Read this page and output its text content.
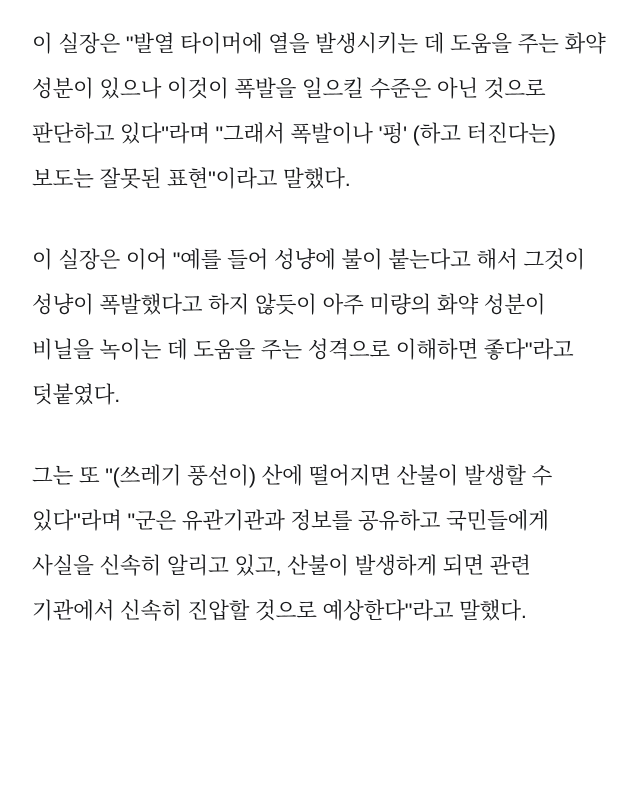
이 실장은 "발열 타이머에 열을 발생시키는 데 도움을 주는 화약 성분이 있으나 이것이 폭발을 일으킬 수준은 아닌 것으로 판단하고 있다"라며 "그래서 폭발이나 '펑' (하고 터진다는) 보도는 잘못된 표현"이라고 말했다.

이 실장은 이어 "예를 들어 성냥에 불이 붙는다고 해서 그것이 성냥이 폭발했다고 하지 않듯이 아주 미량의 화약 성분이 비닐을 녹이는 데 도움을 주는 성격으로 이해하면 좋다"라고 덧붙였다.

그는 또 "(쓰레기 풍선이) 산에 떨어지면 산불이 발생할 수 있다"라며 "군은 유관기관과 정보를 공유하고 국민들에게 사실을 신속히 알리고 있고, 산불이 발생하게 되면 관련 기관에서 신속히 진압할 것으로 예상한다"라고 말했다.
